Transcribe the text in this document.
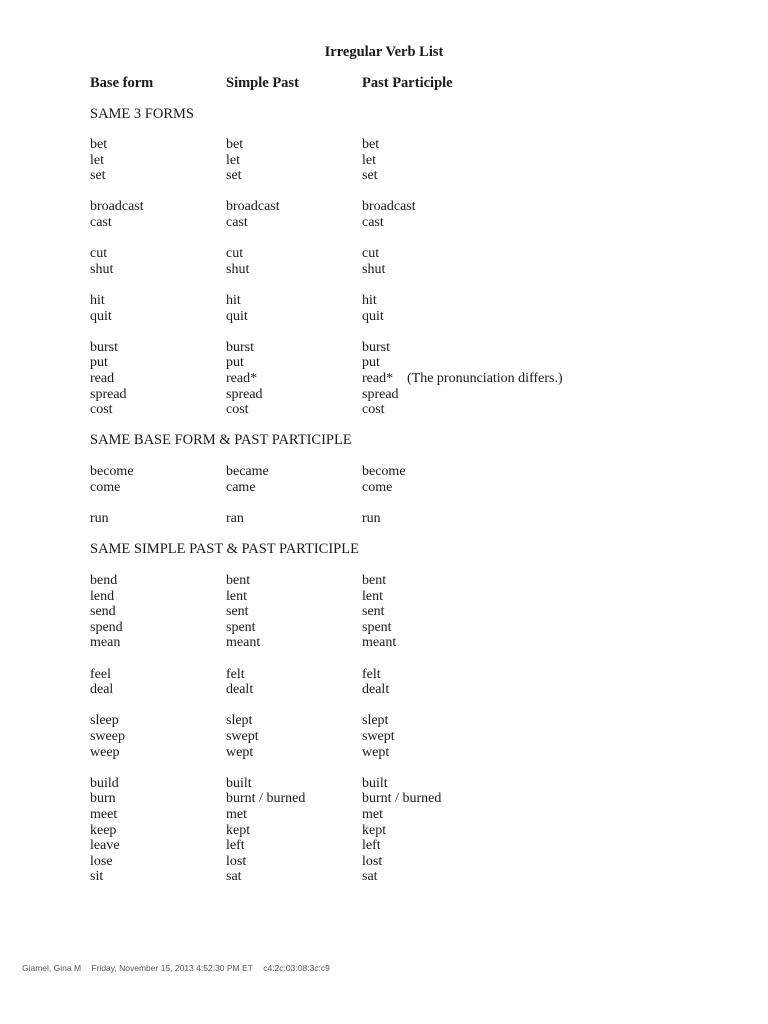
Irregular Verb List
Base form	Simple Past	Past Participle
SAME 3 FORMS
bet	bet	bet
let	let	let
set	set	set
broadcast	broadcast	broadcast
cast	cast	cast
cut	cut	cut
shut	shut	shut
hit	hit	hit
quit	quit	quit
burst	burst	burst
put	put	put
read	read*	read* (The pronunciation differs.)
spread	spread	spread
cost	cost	cost
SAME BASE FORM & PAST PARTICIPLE
become	became	become
come	came	come
run	ran	run
SAME SIMPLE PAST & PAST PARTICIPLE
bend	bent	bent
lend	lent	lent
send	sent	sent
spend	spent	spent
mean	meant	meant
feel	felt	felt
deal	dealt	dealt
sleep	slept	slept
sweep	swept	swept
weep	wept	wept
build	built	built
burn	burnt / burned	burnt / burned
meet	met	met
keep	kept	kept
leave	left	left
lose	lost	lost
sit	sat	sat
Giamel, Gina M Friday, November 15, 2013 4:52:30 PM ET c4:2c:03:08:3c:c9
